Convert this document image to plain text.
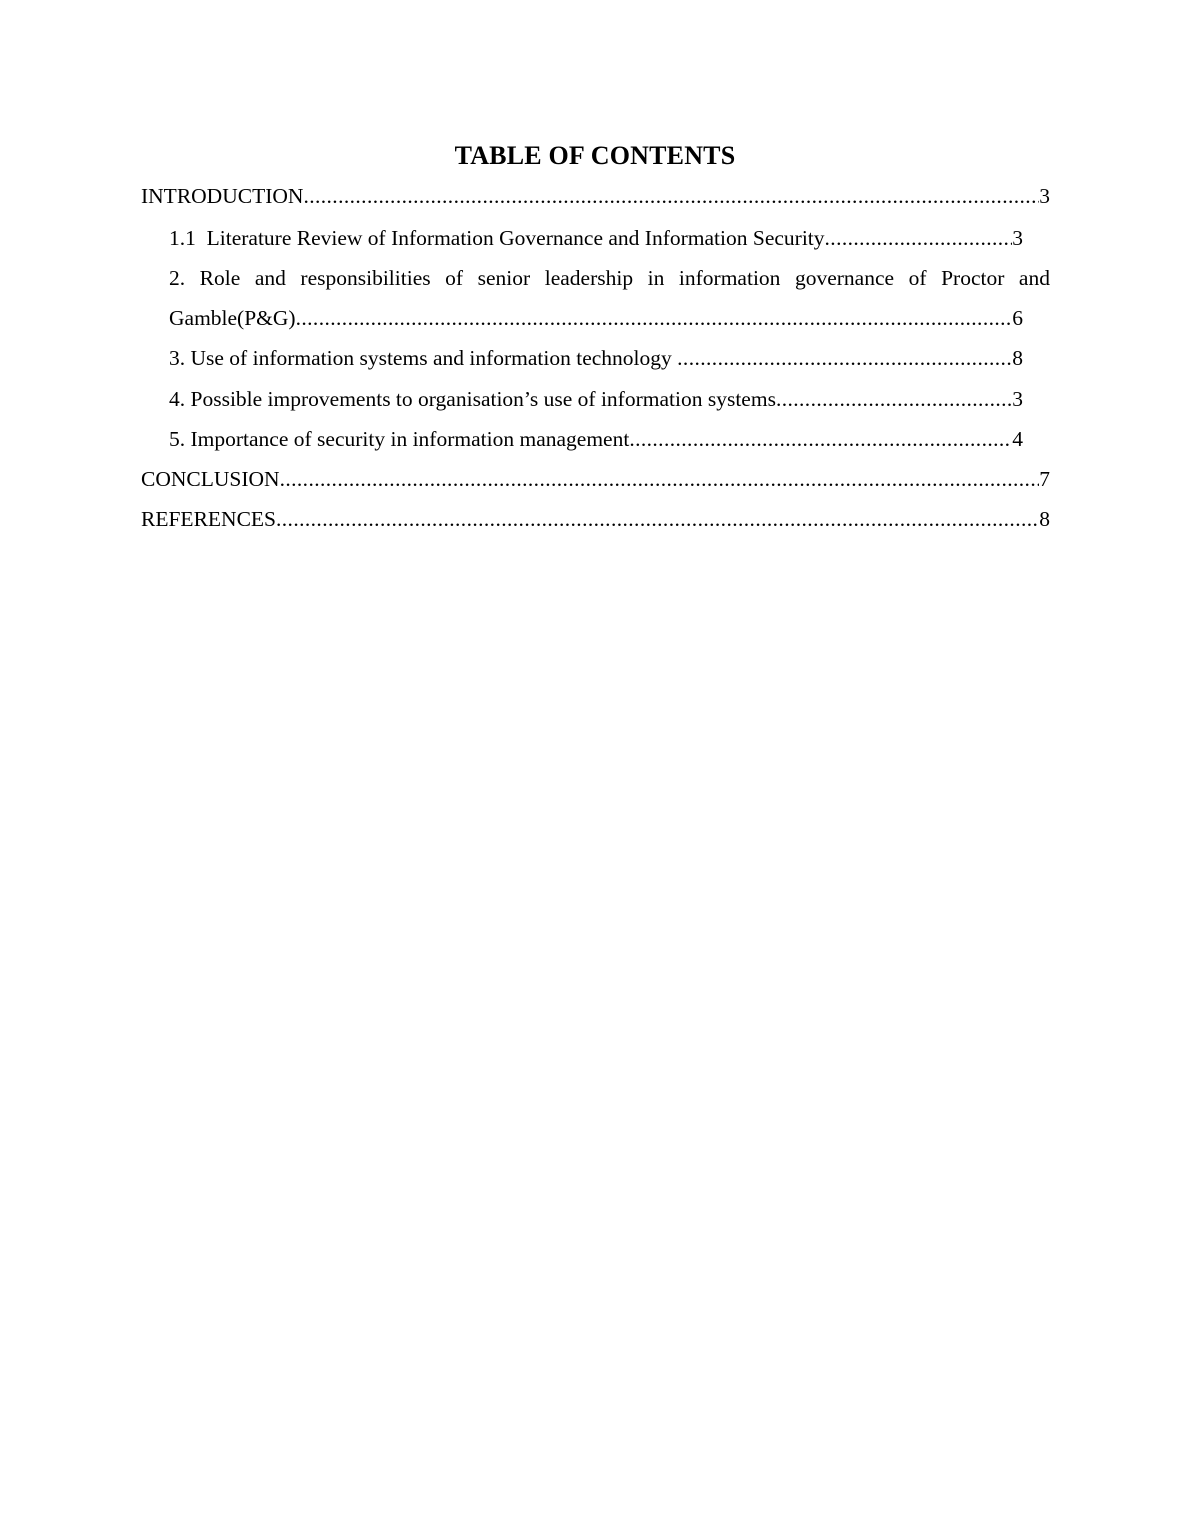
TABLE OF CONTENTS
INTRODUCTION .....	3
1.1  Literature Review of Information Governance and Information Security .....	3
2. Role and responsibilities of senior leadership in information governance of Proctor and
Gamble(P&G) .....	6
3. Use of information systems and information technology .....	8
4. Possible improvements to organisation’s use of information systems .....	3
5. Importance of security in information management .....	4
CONCLUSION .....	7
REFERENCES .....	8
